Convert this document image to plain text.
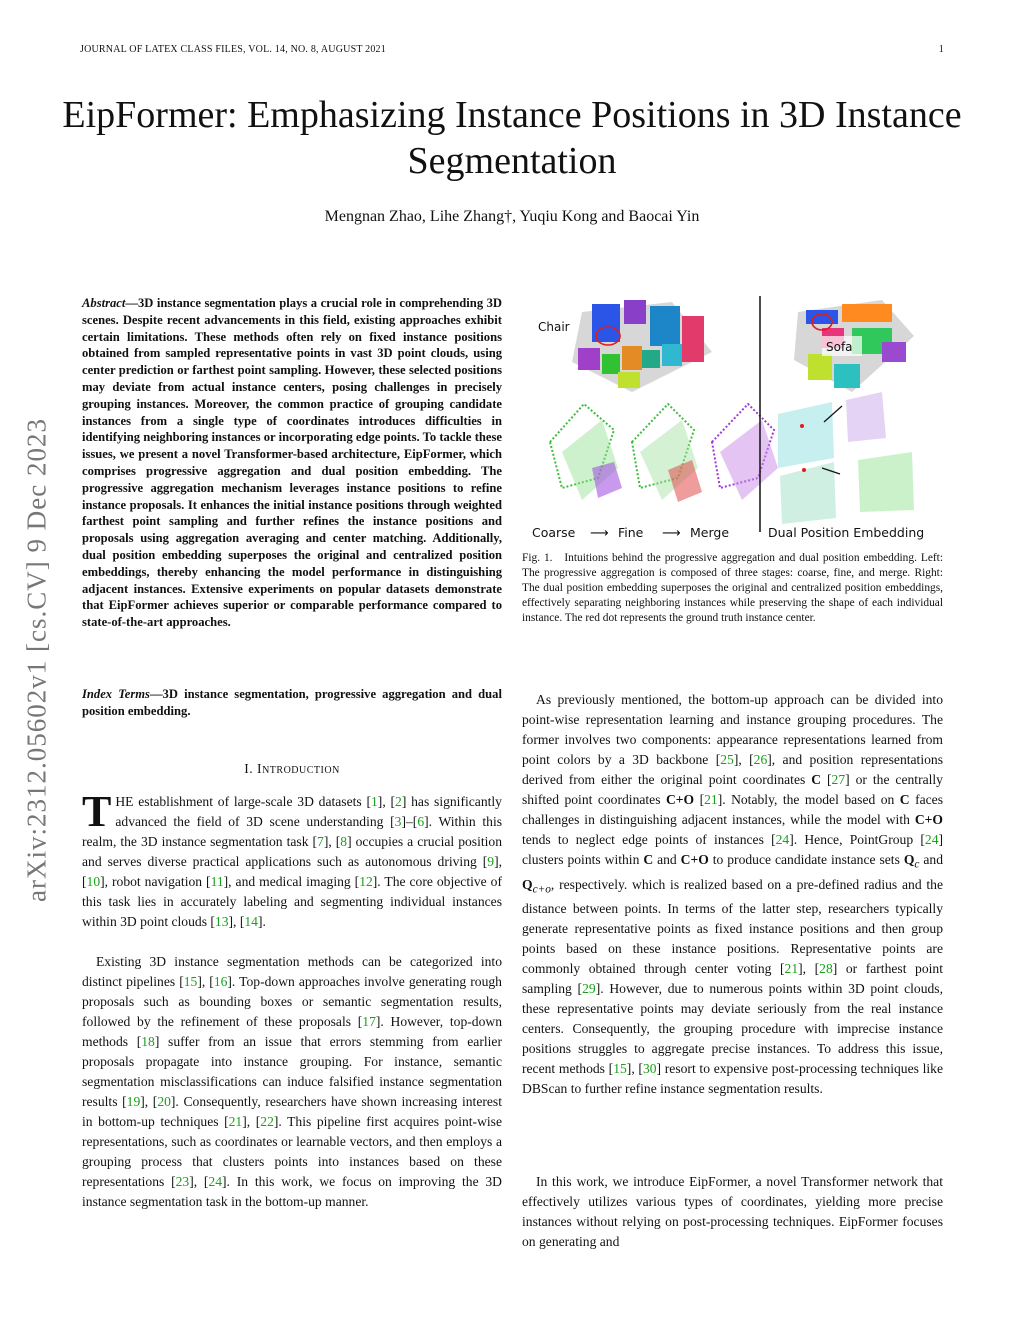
JOURNAL OF LATEX CLASS FILES, VOL. 14, NO. 8, AUGUST 2021	1
EipFormer: Emphasizing Instance Positions in 3D Instance Segmentation
Mengnan Zhao, Lihe Zhang†, Yuqiu Kong and Baocai Yin
arXiv:2312.05602v1 [cs.CV] 9 Dec 2023
Abstract—3D instance segmentation plays a crucial role in comprehending 3D scenes. Despite recent advancements in this field, existing approaches exhibit certain limitations. These methods often rely on fixed instance positions obtained from sampled representative points in vast 3D point clouds, using center prediction or farthest point sampling. However, these selected positions may deviate from actual instance centers, posing challenges in precisely grouping instances. Moreover, the common practice of grouping candidate instances from a single type of coordinates introduces difficulties in identifying neighboring instances or incorporating edge points. To tackle these issues, we present a novel Transformer-based architecture, EipFormer, which comprises progressive aggregation and dual position embedding. The progressive aggregation mechanism leverages instance positions to refine instance proposals. It enhances the initial instance positions through weighted farthest point sampling and further refines the instance positions and proposals using aggregation averaging and center matching. Additionally, dual position embedding superposes the original and centralized position embeddings, thereby enhancing the model performance in distinguishing adjacent instances. Extensive experiments on popular datasets demonstrate that EipFormer achieves superior or comparable performance compared to state-of-the-art approaches.
Index Terms—3D instance segmentation, progressive aggregation and dual position embedding.
I. Introduction
THE establishment of large-scale 3D datasets [1], [2] has significantly advanced the field of 3D scene understanding [3]–[6]. Within this realm, the 3D instance segmentation task [7], [8] occupies a crucial position and serves diverse practical applications such as autonomous driving [9], [10], robot navigation [11], and medical imaging [12]. The core objective of this task lies in accurately labeling and segmenting individual instances within 3D point clouds [13], [14].
Existing 3D instance segmentation methods can be categorized into distinct pipelines [15], [16]. Top-down approaches involve generating rough proposals such as bounding boxes or semantic segmentation results, followed by the refinement of these proposals [17]. However, top-down methods [18] suffer from an issue that errors stemming from earlier proposals propagate into instance grouping. For instance, semantic segmentation misclassifications can induce falsified instance segmentation results [19], [20]. Consequently, researchers have shown increasing interest in bottom-up techniques [21], [22]. This pipeline first acquires point-wise representations, such as coordinates or learnable vectors, and then employs a grouping process that clusters points into instances based on these representations [23], [24]. In this work, we focus on improving the 3D instance segmentation task in the bottom-up manner.
Chair
Sofa
Coarse ⟶ Fine ⟶ Merge	Dual Position Embedding
Fig. 1. Intuitions behind the progressive aggregation and dual position embedding. Left: The progressive aggregation is composed of three stages: coarse, fine, and merge. Right: The dual position embedding superposes the original and centralized position embeddings, effectively separating neighboring instances while preserving the shape of each individual instance. The red dot represents the ground truth instance center.
As previously mentioned, the bottom-up approach can be divided into point-wise representation learning and instance grouping procedures. The former involves two components: appearance representations learned from point colors by a 3D backbone [25], [26], and position representations derived from either the original point coordinates C [27] or the centrally shifted point coordinates C+O [21]. Notably, the model based on C faces challenges in distinguishing adjacent instances, while the model with C+O tends to neglect edge points of instances [24]. Hence, PointGroup [24] clusters points within C and C+O to produce candidate instance sets $Q_c$ and $Q_{c+o}$, respectively. which is realized based on a pre-defined radius and the distance between points. In terms of the latter step, researchers typically generate representative points as fixed instance positions and then group points based on these instance positions. Representative points are commonly obtained through center voting [21], [28] or farthest point sampling [29]. However, due to numerous points within 3D point clouds, these representative points may deviate seriously from the real instance centers. Consequently, the grouping procedure with imprecise instance positions struggles to aggregate precise instances. To address this issue, recent methods [15], [30] resort to expensive post-processing techniques like DBScan to further refine instance segmentation results.
In this work, we introduce EipFormer, a novel Transformer network that effectively utilizes various types of coordinates, yielding more precise instances without relying on post-processing techniques. EipFormer focuses on generating and
